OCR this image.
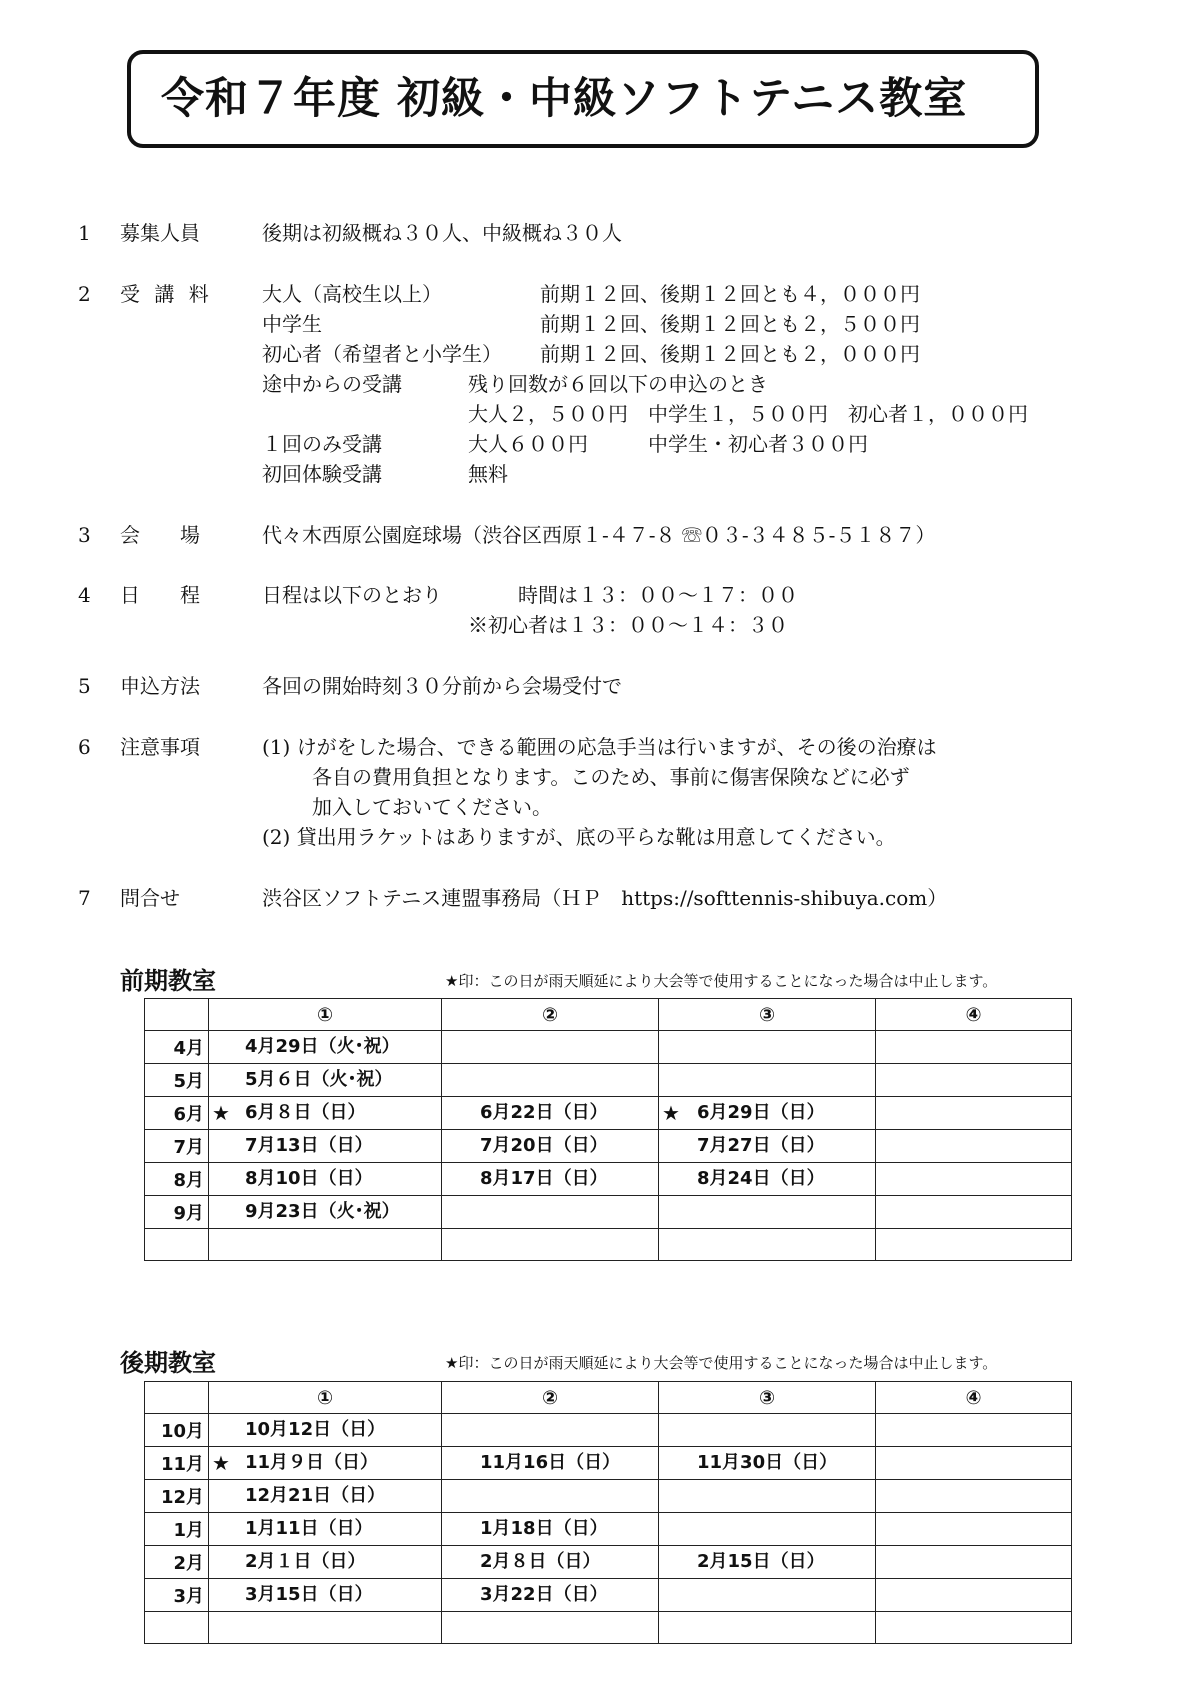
令和７年度 初級・中級ソフトテニス教室
1 募集人員	後期は初級概ね３０人、中級概ね３０人
2 受 講 料 大人（高校生以上）	前期１２回、後期１２回とも４，０００円
中学生	前期１２回、後期１２回とも２，５００円
初心者（希望者と小学生） 前期１２回、後期１２回とも２，０００円
途中からの受講	残り回数が６回以下の申込のとき
大人２，５００円　中学生１，５００円　初心者１，０００円
１回のみ受講	大人６００円　　　中学生・初心者３００円
初回体験受講	無料
3 会　　場	代々木西原公園庭球場（渋谷区西原１-４７-８ ☏０３-３４８５-５１８７）
4 日　　程	日程は以下のとおり	時間は１３：００～１７：００
※初心者は１３：００～１４：３０
5 申込方法	各回の開始時刻３０分前から会場受付で
6 注意事項	(1) けがをした場合、できる範囲の応急手当は行いますが、その後の治療は
各自の費用負担となります。このため、事前に傷害保険などに必ず
加入しておいてください。
(2) 貸出用ラケットはありますが、底の平らな靴は用意してください。
7 問合せ	渋谷区ソフトテニス連盟事務局（ＨＰ　https://softtennis-shibuya.com）
前期教室	★印：この日が雨天順延により大会等で使用することになった場合は中止します。
	①	②	③	④
4月	4月29日（火･祝）			
5月	5月６日（火･祝）			
6月	★ 6月８日（日）	6月22日（日）	★ 6月29日（日）	
7月	7月13日（日）	7月20日（日）	7月27日（日）	
8月	8月10日（日）	8月17日（日）	8月24日（日）	
9月	9月23日（火･祝）			

後期教室	★印：この日が雨天順延により大会等で使用することになった場合は中止します。
	①	②	③	④
10月	10月12日（日）			
11月	★ 11月９日（日）	11月16日（日）	11月30日（日）	
12月	12月21日（日）			
1月	1月11日（日）	1月18日（日）		
2月	2月１日（日）	2月８日（日）	2月15日（日）	
3月	3月15日（日）	3月22日（日）		
